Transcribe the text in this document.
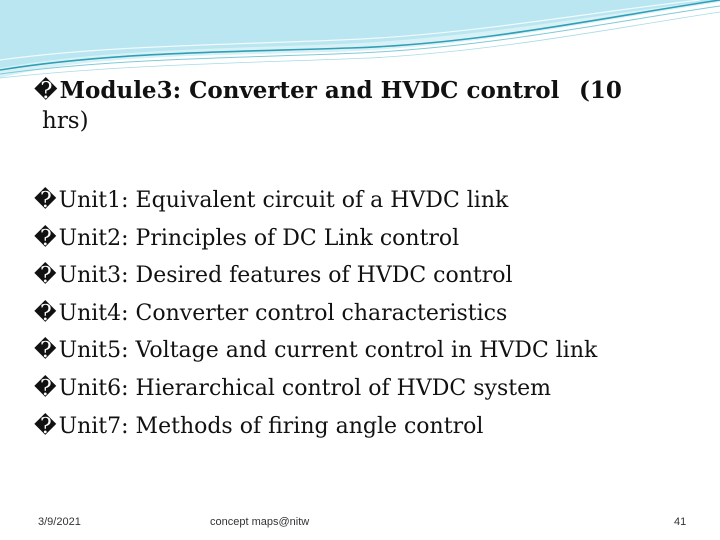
�Module3: Converter and HVDC control (10
hrs)
�Unit1: Equivalent circuit of a HVDC link
�Unit2: Principles of DC Link control
�Unit3: Desired features of HVDC control
�Unit4: Converter control characteristics
�Unit5: Voltage and current control in HVDC link
�Unit6: Hierarchical control of HVDC system
�Unit7: Methods of firing angle control
3/9/2021	concept maps@nitw	41
